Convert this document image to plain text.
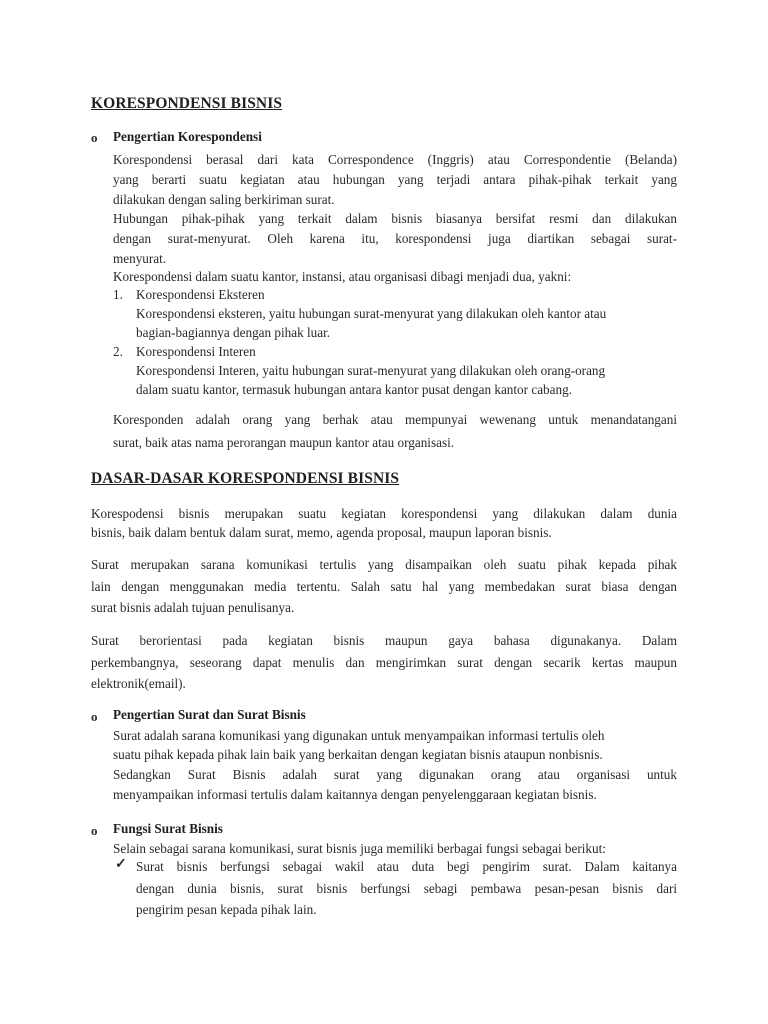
KORESPONDENSI BISNIS
o Pengertian Korespondensi
Korespondensi berasal dari kata Correspondence (Inggris) atau Correspondentie (Belanda)
yang berarti suatu kegiatan atau hubungan yang terjadi antara pihak-pihak terkait yang
dilakukan dengan saling berkiriman surat.
Hubungan pihak-pihak yang terkait dalam bisnis biasanya bersifat resmi dan dilakukan
dengan surat-menyurat. Oleh karena itu, korespondensi juga diartikan sebagai surat-
menyurat.
Korespondensi dalam suatu kantor, instansi, atau organisasi dibagi menjadi dua, yakni:
1. Korespondensi Eksteren
Korespondensi eksteren, yaitu hubungan surat-menyurat yang dilakukan oleh kantor atau
bagian-bagiannya dengan pihak luar.
2. Korespondensi Interen
Korespondensi Interen, yaitu hubungan surat-menyurat yang dilakukan oleh orang-orang
dalam suatu kantor, termasuk hubungan antara kantor pusat dengan kantor cabang.
Koresponden adalah orang yang berhak atau mempunyai wewenang untuk menandatangani
surat, baik atas nama perorangan maupun kantor atau organisasi.
DASAR-DASAR KORESPONDENSI BISNIS
Korespodensi bisnis merupakan suatu kegiatan korespondensi yang dilakukan dalam dunia
bisnis, baik dalam bentuk dalam surat, memo, agenda proposal, maupun laporan bisnis.
Surat merupakan sarana komunikasi tertulis yang disampaikan oleh suatu pihak kepada pihak
lain dengan menggunakan media tertentu. Salah satu hal yang membedakan surat biasa dengan
surat bisnis adalah tujuan penulisanya.
Surat berorientasi pada kegiatan bisnis maupun gaya bahasa digunakanya. Dalam
perkembangnya, seseorang dapat menulis dan mengirimkan surat dengan secarik kertas maupun
elektronik(email).
o Pengertian Surat dan Surat Bisnis
Surat adalah sarana komunikasi yang digunakan untuk menyampaikan informasi tertulis oleh
suatu pihak kepada pihak lain baik yang berkaitan dengan kegiatan bisnis ataupun nonbisnis.
Sedangkan Surat Bisnis adalah surat yang digunakan orang atau organisasi untuk
menyampaikan informasi tertulis dalam kaitannya dengan penyelenggaraan kegiatan bisnis.
o Fungsi Surat Bisnis
Selain sebagai sarana komunikasi, surat bisnis juga memiliki berbagai fungsi sebagai berikut:
✓ Surat bisnis berfungsi sebagai wakil atau duta begi pengirim surat. Dalam kaitanya
dengan dunia bisnis, surat bisnis berfungsi sebagi pembawa pesan-pesan bisnis dari
pengirim pesan kepada pihak lain.
